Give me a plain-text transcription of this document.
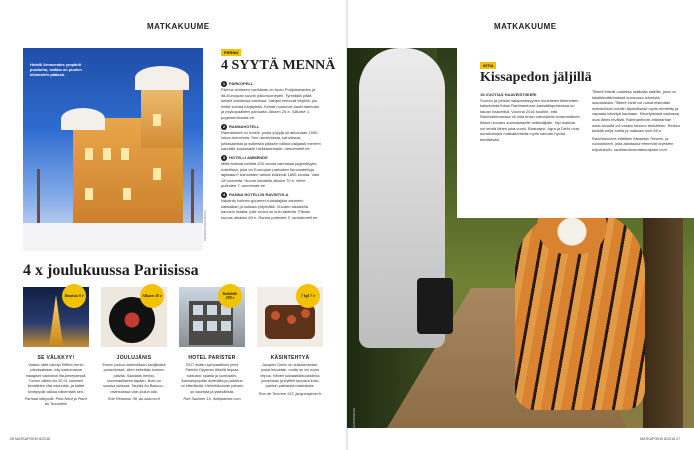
MATKAKUUME	MATKAKUUME
Hotelli Ammendes ympäröi puutarha, vaikka on puolen kilometrin päässä.
PIXABAY/IMAGEBANK
PÄRNU
4 SYYTÄ MENNÄ
1 PARKOPELL
Pärnun entiseen vankilaan on tuotu Pohjoismaiden ja itä-Euroopan suurin pakohuonepeli. Tyrmästä pitää keksiä kolmessa tunnissa. Vartijat kertovat vihjeitä, jos heillä suinaa kärjäyttää. Seinät huokuvat kauhutarinoita ja psykopaattien pahuutta. Alkaen 25 e. Sillutise 1, pogenemistuba.ee
2 RANNAHOTELL
Rannahotell on hotelli, jonka yöpyjä oli aikoinaan 1930-lukua tunnelmia. Sen ravintolasta, kahvilasta, juhlasaleista ja sviiteistä pääsee vaikka paljaasti mereen kauniille kuuluisalle hiekkarannalle. rannahotell.ee
3 HOTELLI AMMENDE
Miltä tuntuisi keittää 200 vuotta vanhassa jugendtyylis-hotellissa, joka on Euroopan parhaiten kunnostettuja lajissaan? Asmuisten tarinat kulkevat 1800-luvulta. Vain 18 huonetta. Huone kahdelle alkaen 70 e. Mere puiestee 7, ammende.ee
4 RANNA HOTELLIN RAVINTOLA
Nautinto kolmen gourmet-ruokalajista aiemmin kakkaillan ja sukkaa yhtymällä. Vuoden aikaisella kaunein listalla, jolle ruoka on kuin taidetta. Päivän lounas aikaisin 69 e. Ranna puiestee 5, rannahotell.ee
4 x joulukuussa Pariisissa
Ilmaista 0 e	Alkaen 10 e	Kahdelle 290 e	7 kpl 7 e
SE VÄLKKYY!	JOULUJÄNIS	HOTEL PARISTER	KÄSINTEHTYÄ
Vaikka olisit nähnyt Eiffelin tornin päiväsaikaan, käy katsomassa maagiset valoshow ilta-pimeydessä. Tunnin välein klo 20-01 valomeri kimaltelee viisi minuuttia, ja kaikki keräytyvät vaikka näkemään sen.
Parhaat näkymät: Pont-Neuf ja Place du Trocadéro
Ennen joulua marinoidaan kanijänistä punaviinissä, siten keitetään kolmen päivää. Saadaan herkku kuninkaalliseen tapaan, lihan on suussa sulavaa. Tarjolla Au Bascou -ravintolassa vain joulun alla.
Rue Réaumur 38, au-bascou.fr
2017 avattu sympaattinen pieni Pariisin Opperan lähellä tarjoaa luksusta: spasta ja kuntosalin. Aamiaispöydän antimista ja palvelun on kiitettävää. Henkilökunnan palvelu on kaunista ja ystävällistä.
Rue Saulnier 19, hotelpariser.com
Jacques Genin on suklaamestari, jonka leivoksiin, mutta se voi myös leipoa. Hänen suklaatilaisuuksiinsa jonotetaan ja tryffelit tarjoava koko pariisin parhaista makeisista.
Rue de Turenne 133, jacquesgenin.fr
26 MATKAPOKKI 8/2018
INTIA
Kissapedon jäljillä
15-VUOTIAS HAAVEISTIIKERI
Suuren ja pelkän salaperäisyyden kuuluisten tiikereiden katsomista Intian Ranthambore-kansallispuistossa on kauan haaveillut. Vuonna 2016 kuultiin, että Ranthamboressa oli ollut ensin vahvistettu ensimmäinen tiikerin kuvaus suomalaiselle matkailijalle. Nyt matkaa voi tehdä lähes joka vuosi. Bharatpur, Agra ja Delhi ovat suosituimpia matkakohteita myös sanottu hyvää kerättävää.
Tiikerit elävät uudessa matkalla kaikille, joka on käsittämättömässä kunnossa lehmistä sukulaisista. Tiikerit eivät voi uusia etsimään mahdollisiin kohtiin täydellisesti myös nimitetty ja vapaata kävelyä kauttaan. Kävelyteissä vastassa ovat lähes leväliät. Ranthambore-eläintarhan www-sivuilta voi varata reissun etukäteen. Reissu kestää neljä tuntia ja maksaa noin 65 e.
Ranthambore etätiikeri Mandala Travels- ja ruokalokerit, joita aikataulut etenevät ohjeiden kirjoituksiin, ranthamborenationalpark.com
Ranthambore etät tiikereitä vapaana 70 kymmenesosaltaan.
ISTOCKPHOTO
MATKAPOKKI 8/2018 27
